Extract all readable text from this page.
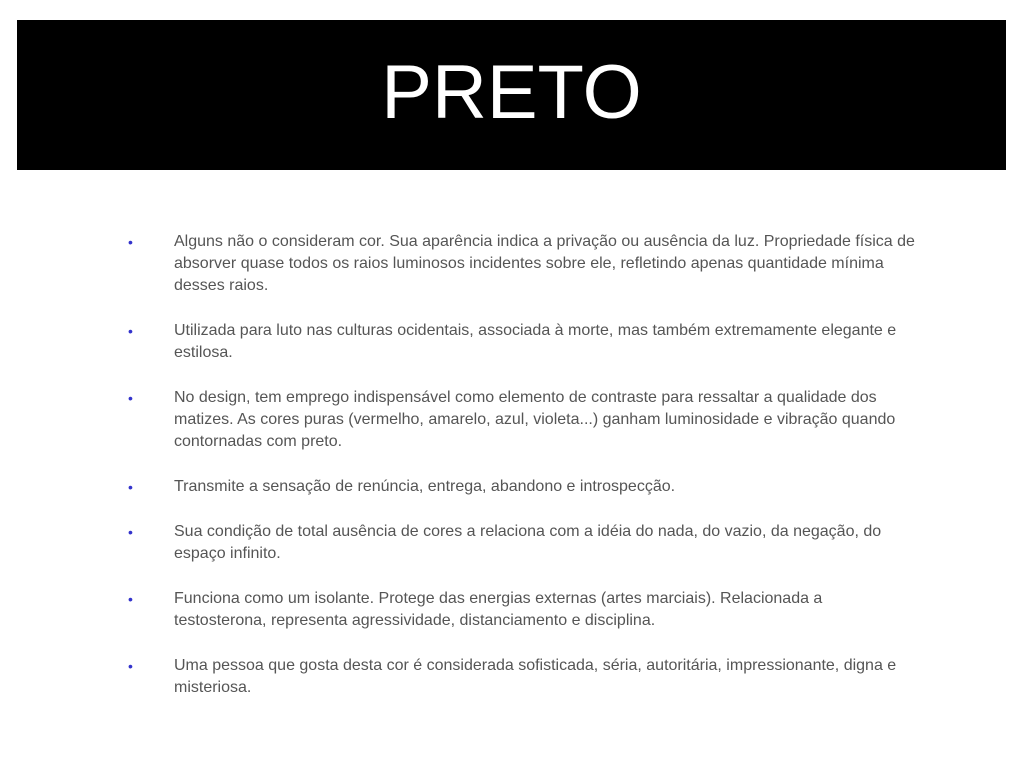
PRETO
•	Alguns não o consideram cor. Sua aparência indica a privação ou ausência da luz. Propriedade física de absorver quase todos os raios luminosos incidentes sobre ele, refletindo apenas quantidade mínima desses raios.
•	Utilizada para luto nas culturas ocidentais, associada à morte, mas também extremamente elegante e estilosa.
•	No design, tem emprego indispensável como elemento de contraste para ressaltar a qualidade dos matizes. As cores puras (vermelho, amarelo, azul, violeta...) ganham luminosidade e vibração quando contornadas com preto.
•	Transmite a sensação de renúncia, entrega, abandono e introspecção.
•	Sua condição de total ausência de cores a relaciona com a idéia do nada, do vazio, da negação, do espaço infinito.
•	Funciona como um isolante. Protege das energias externas (artes marciais). Relacionada a testosterona, representa agressividade, distanciamento e disciplina.
•	Uma pessoa que gosta desta cor é considerada sofisticada, séria, autoritária, impressionante, digna e misteriosa.
